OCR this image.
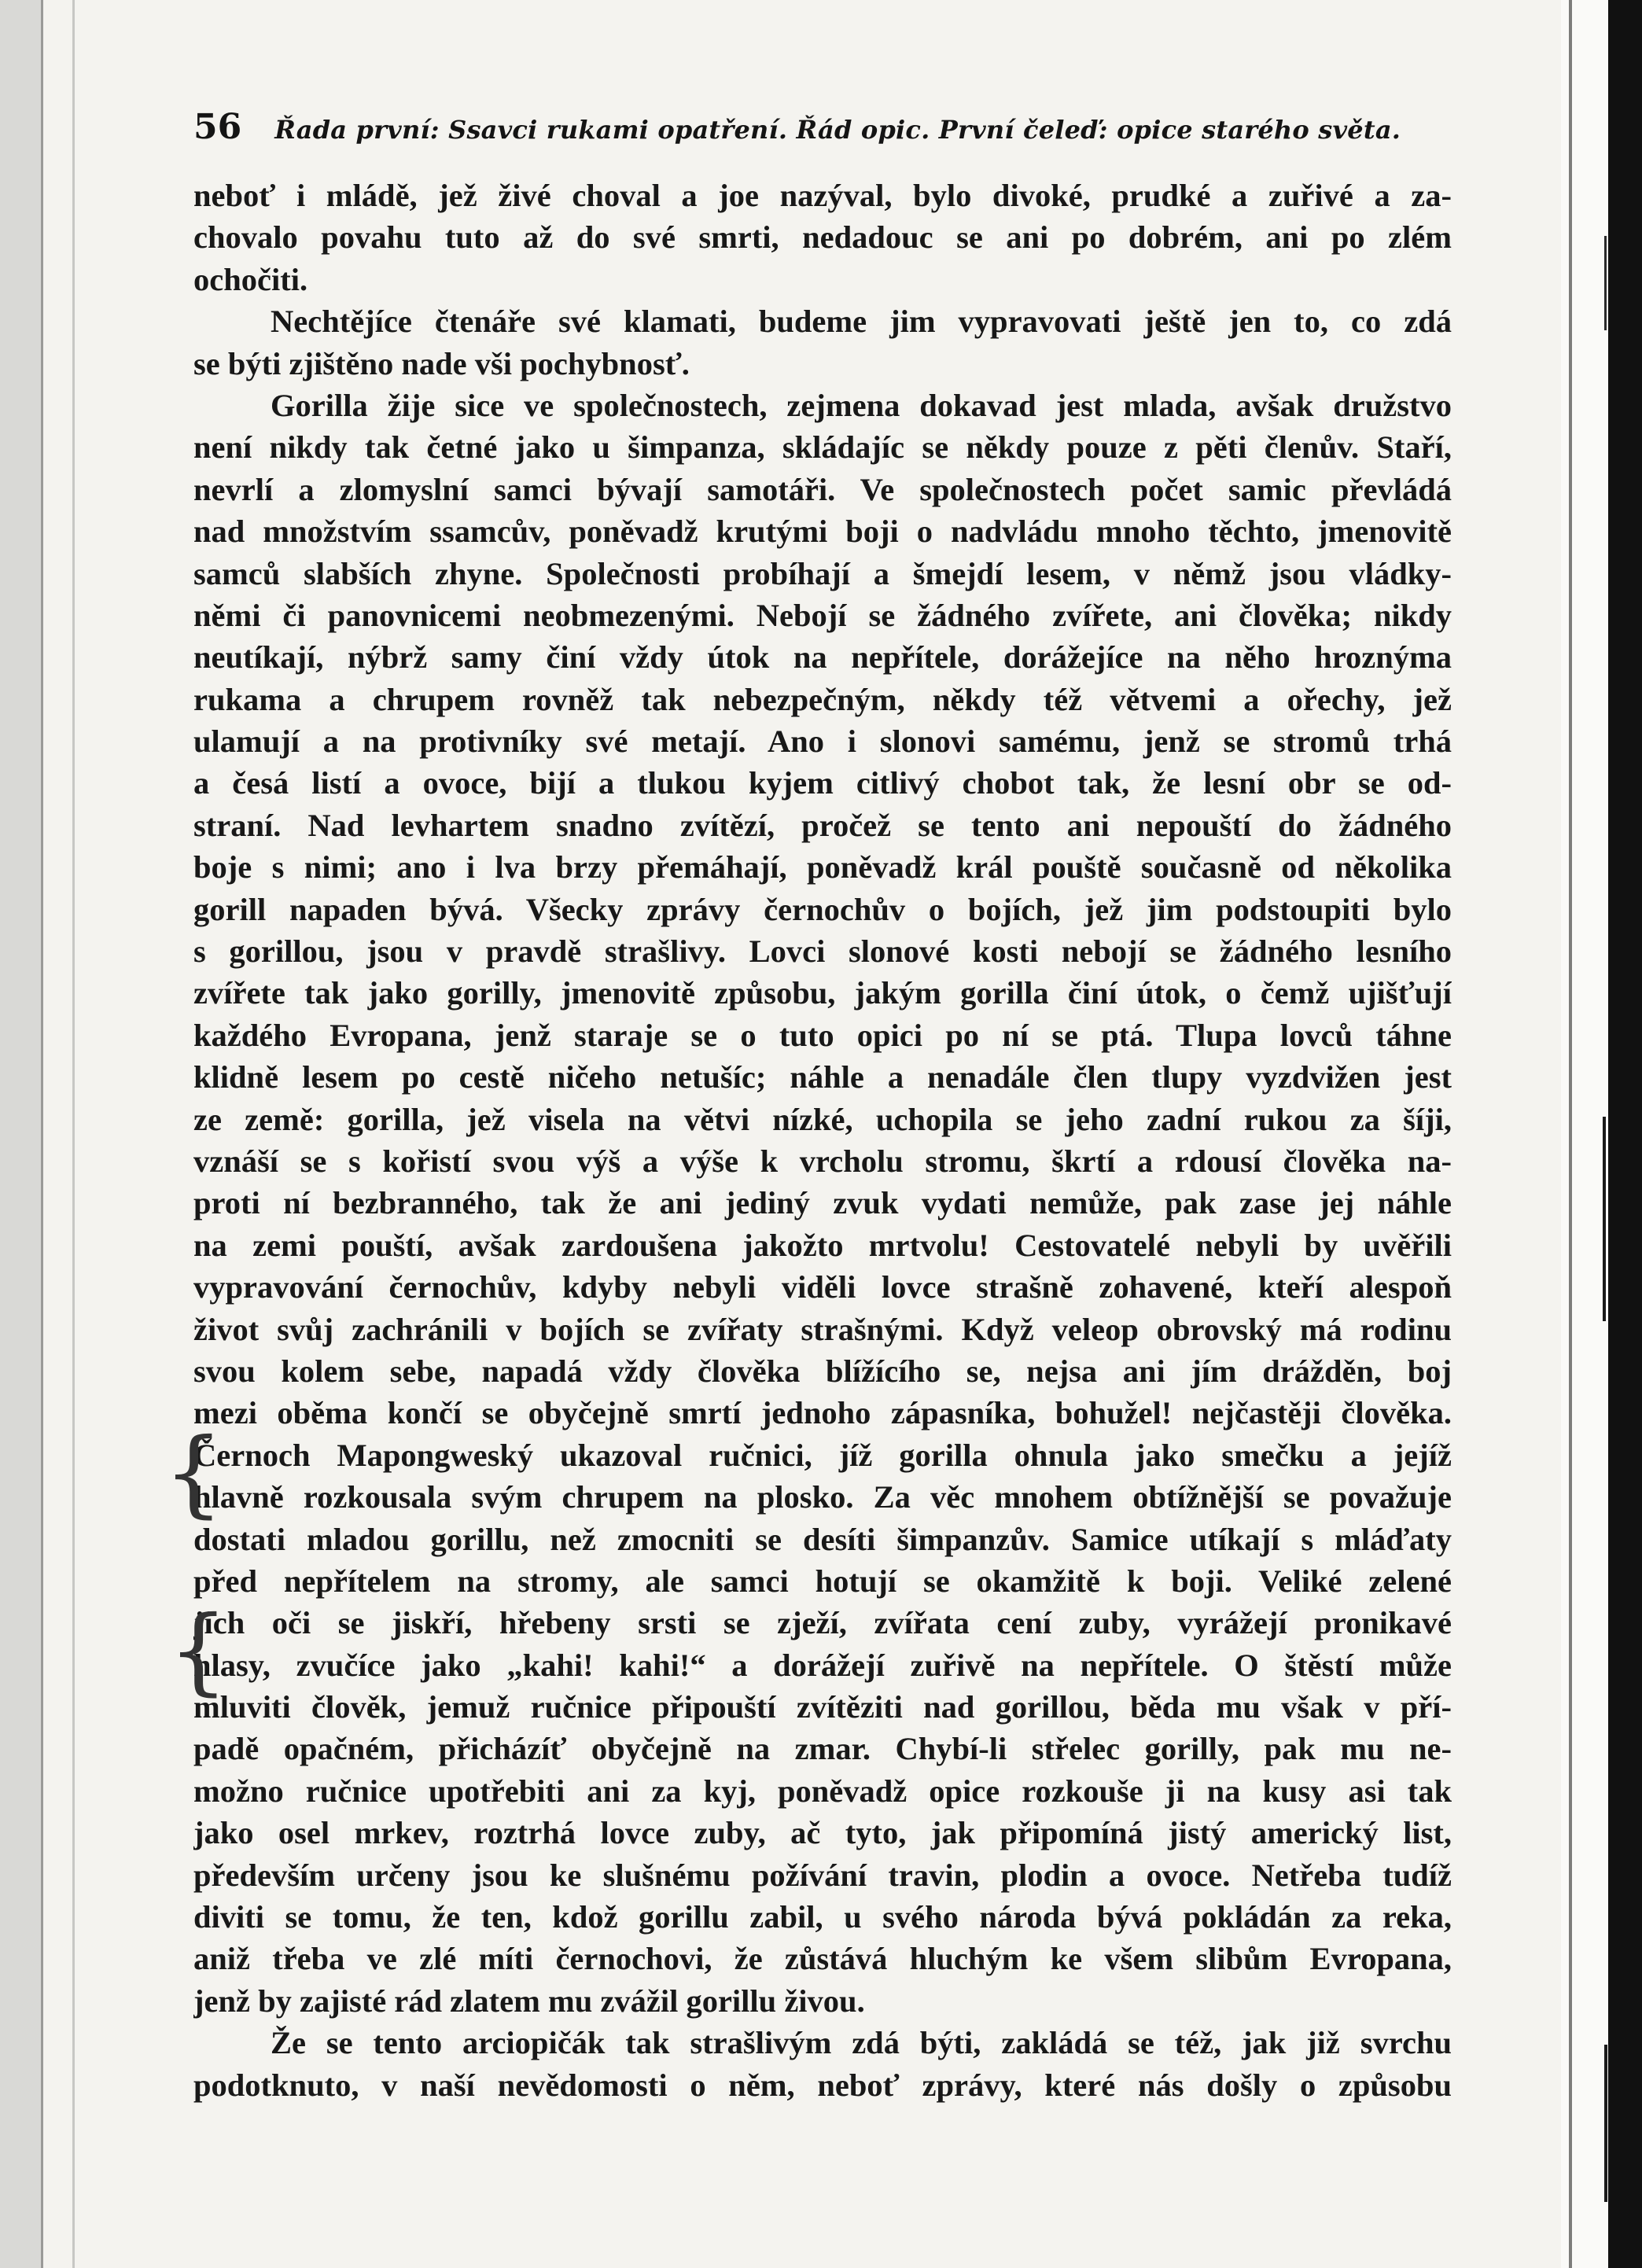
56 Řada první: Ssavci rukami opatření. Řád opic. První čeleď: opice starého světa.
neboť i mládě, jež živé choval a joe nazýval, bylo divoké, prudké a zuřivé a za-
chovalo povahu tuto až do své smrti, nedadouc se ani po dobrém, ani po zlém
ochočiti.
Nechtějíce čtenáře své klamati, budeme jim vypravovati ještě jen to, co zdá
se býti zjištěno nade vši pochybnosť.
Gorilla žije sice ve společnostech, zejmena dokavad jest mlada, avšak družstvo
není nikdy tak četné jako u šimpanza, skládajíc se někdy pouze z pěti členův. Staří,
nevrlí a zlomyslní samci bývají samotáři. Ve společnostech počet samic převládá
nad množstvím ssamcův, poněvadž krutými boji o nadvládu mnoho těchto, jmenovitě
samců slabších zhyne. Společnosti probíhají a šmejdí lesem, v němž jsou vládky-
němi či panovnicemi neobmezenými. Nebojí se žádného zvířete, ani člověka; nikdy
neutíkají, nýbrž samy činí vždy útok na nepřítele, dorážejíce na něho hroznýma
rukama a chrupem rovněž tak nebezpečným, někdy též větvemi a ořechy, jež
ulamují a na protivníky své metají. Ano i slonovi samému, jenž se stromů trhá
a česá listí a ovoce, bijí a tlukou kyjem citlivý chobot tak, že lesní obr se od-
straní. Nad levhartem snadno zvítězí, pročež se tento ani nepouští do žádného
boje s nimi; ano i lva brzy přemáhají, poněvadž král pouště současně od několika
gorill napaden bývá. Všecky zprávy černochův o bojích, jež jim podstoupiti bylo
s gorillou, jsou v pravdě strašlivy. Lovci slonové kosti nebojí se žádného lesního
zvířete tak jako gorilly, jmenovitě způsobu, jakým gorilla činí útok, o čemž ujišťují
každého Evropana, jenž staraje se o tuto opici po ní se ptá. Tlupa lovců táhne
klidně lesem po cestě ničeho netušíc; náhle a nenadále člen tlupy vyzdvižen jest
ze země: gorilla, jež visela na větvi nízké, uchopila se jeho zadní rukou za šíji,
vznáší se s kořistí svou výš a výše k vrcholu stromu, škrtí a rdousí člověka na-
proti ní bezbranného, tak že ani jediný zvuk vydati nemůže, pak zase jej náhle
na zemi pouští, avšak zardoušena jakožto mrtvolu! Cestovatelé nebyli by uvěřili
vypravování černochův, kdyby nebyli viděli lovce strašně zohavené, kteří alespoň
život svůj zachránili v bojích se zvířaty strašnými. Když veleop obrovský má rodinu
svou kolem sebe, napadá vždy člověka blížícího se, nejsa ani jím drážděn, boj
mezi oběma končí se obyčejně smrtí jednoho zápasníka, bohužel! nejčastěji člověka.
Černoch Mapongweský ukazoval ručnici, jíž gorilla ohnula jako smečku a jejíž
hlavně rozkousala svým chrupem na plosko. Za věc mnohem obtížnější se považuje
dostati mladou gorillu, než zmocniti se desíti šimpanzův. Samice utíkají s mláďaty
před nepřítelem na stromy, ale samci hotují se okamžitě k boji. Veliké zelené
jich oči se jiskří, hřebeny srsti se zježí, zvířata cení zuby, vyrážejí pronikavé
hlasy, zvučíce jako „kahi! kahi!“ a dorážejí zuřivě na nepřítele. O štěstí může
mluviti člověk, jemuž ručnice připouští zvítěziti nad gorillou, běda mu však v pří-
padě opačném, přicházíť obyčejně na zmar. Chybí-li střelec gorilly, pak mu ne-
možno ručnice upotřebiti ani za kyj, poněvadž opice rozkouše ji na kusy asi tak
jako osel mrkev, roztrhá lovce zuby, ač tyto, jak připomíná jistý americký list,
především určeny jsou ke slušnému požívání travin, plodin a ovoce. Netřeba tudíž
diviti se tomu, že ten, kdož gorillu zabil, u svého národa bývá pokládán za reka,
aniž třeba ve zlé míti černochovi, že zůstává hluchým ke všem slibům Evropana,
jenž by zajisté rád zlatem mu zvážil gorillu živou.
Že se tento arciopičák tak strašlivým zdá býti, zakládá se též, jak již svrchu
podotknuto, v naší nevědomosti o něm, neboť zprávy, které nás došly o způsobu
{
{
